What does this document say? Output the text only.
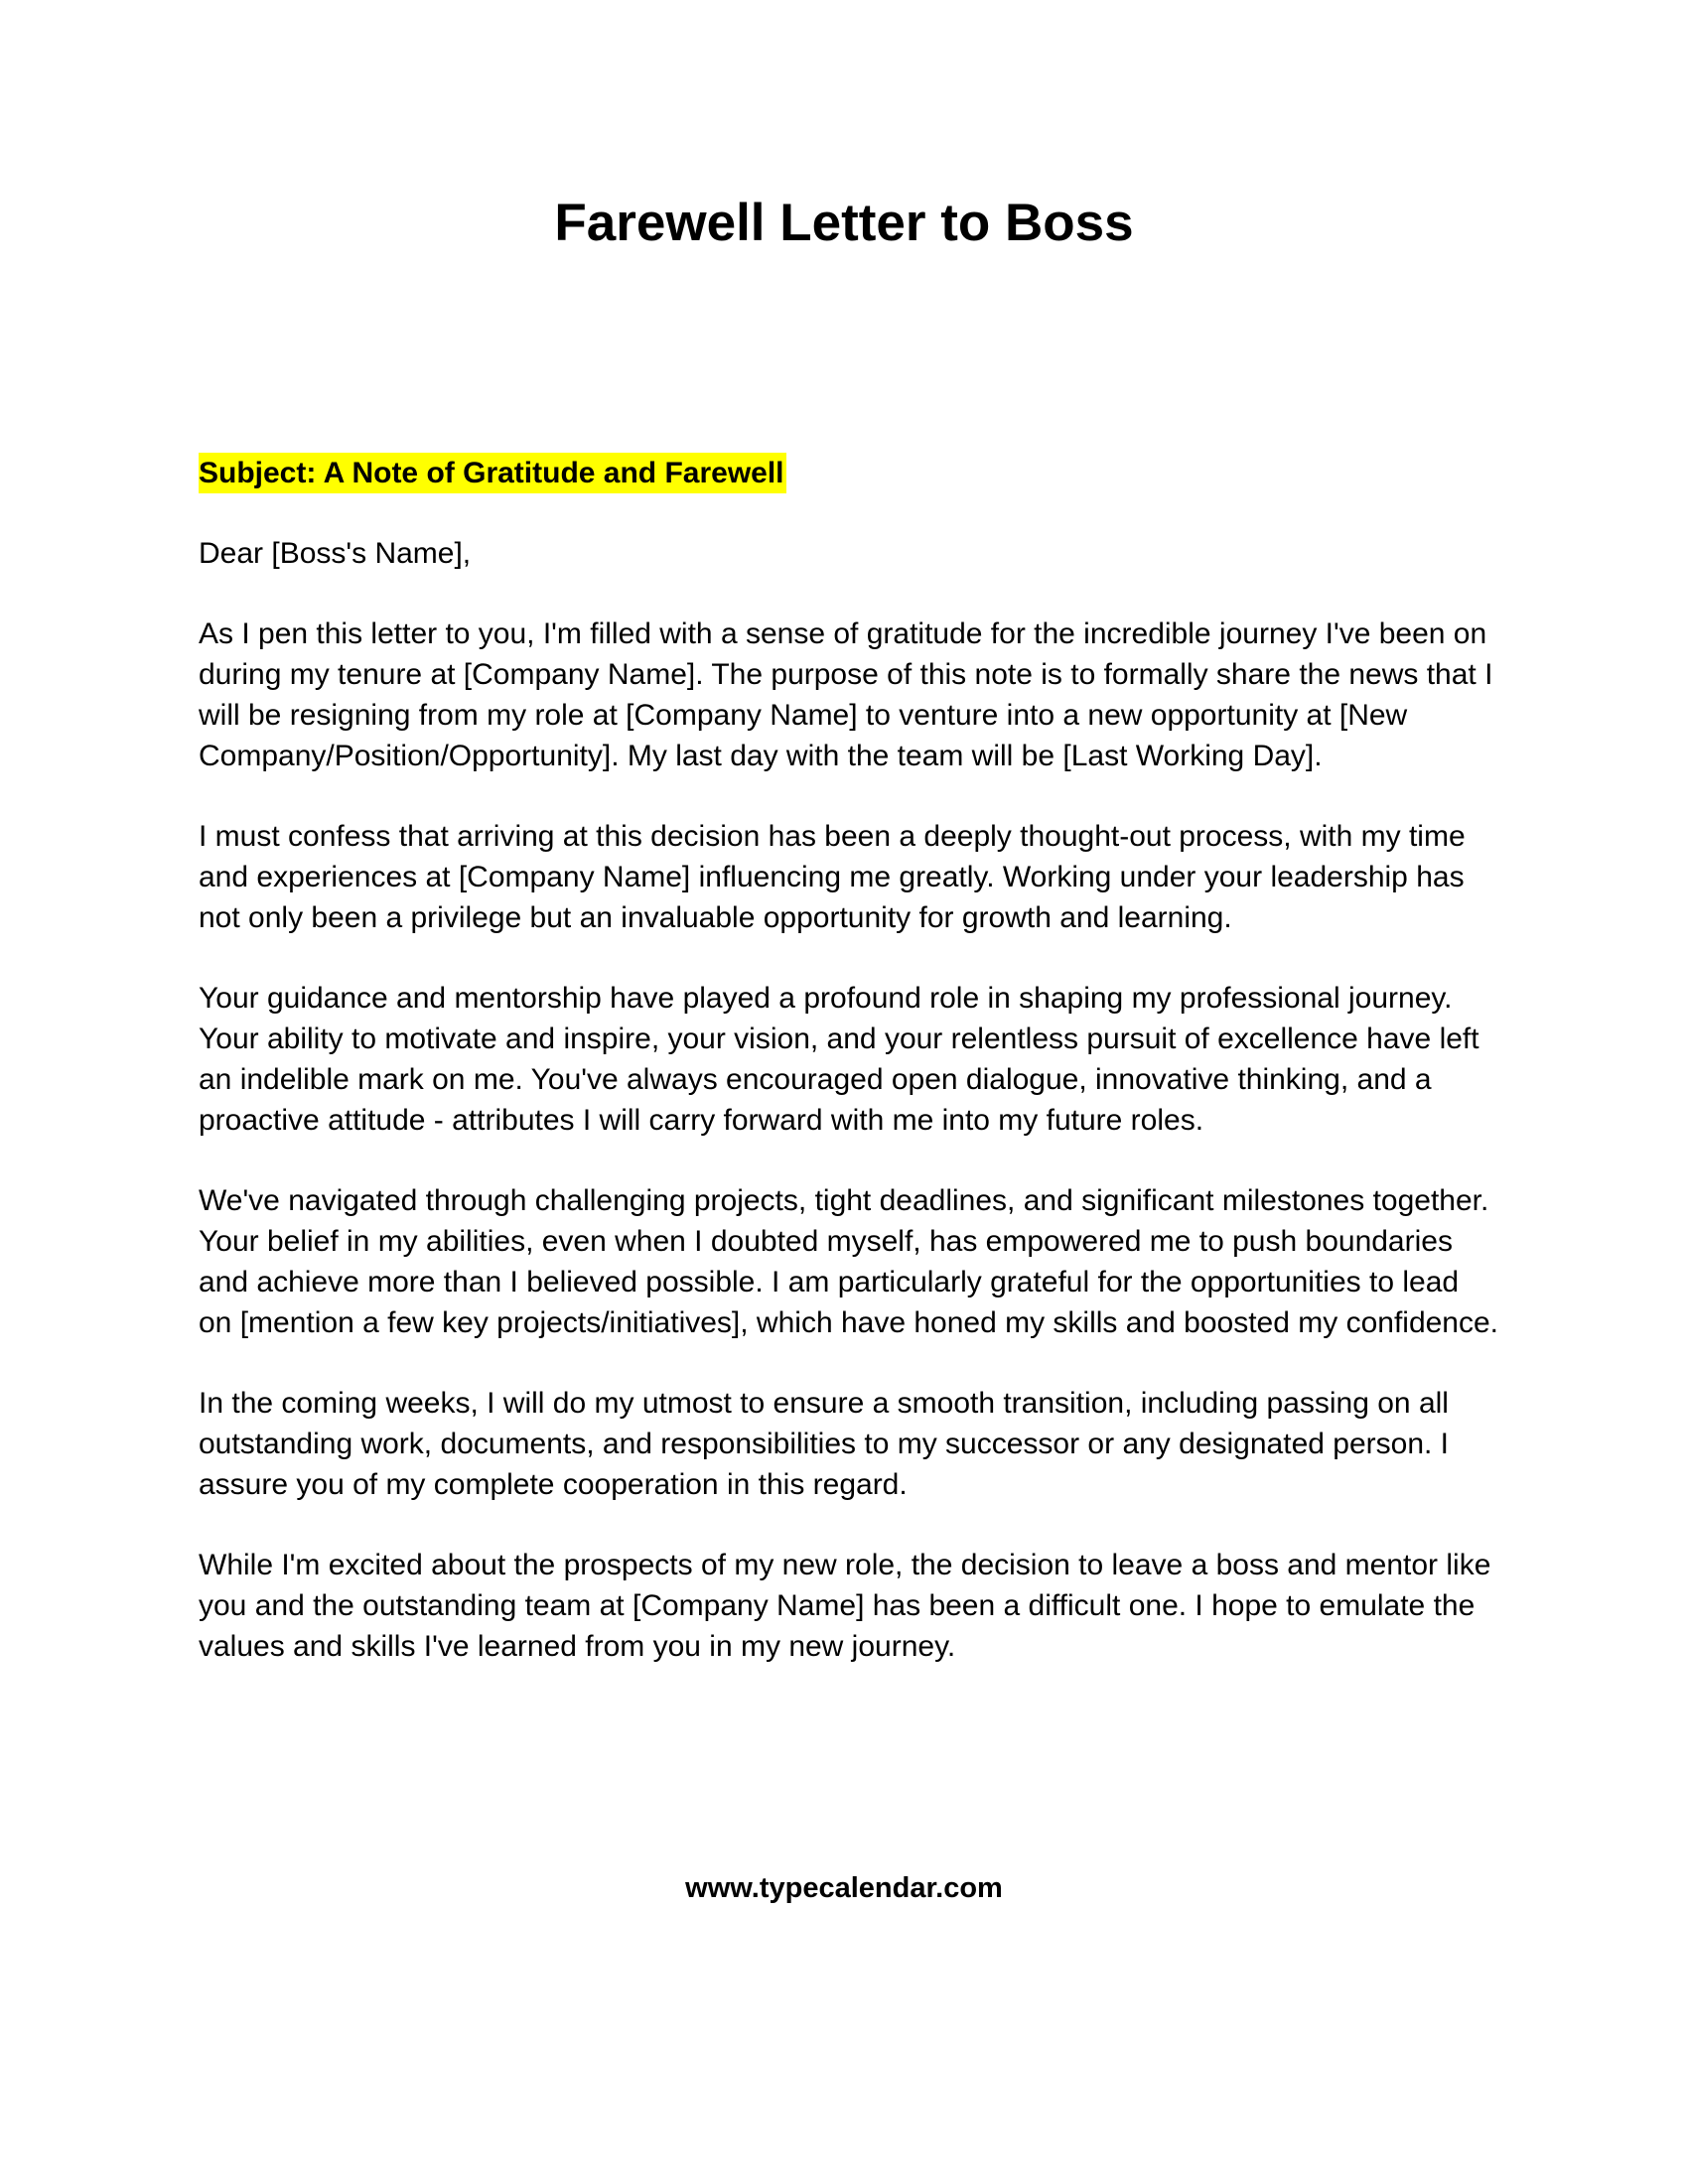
Farewell Letter to Boss
Subject: A Note of Gratitude and Farewell

Dear [Boss's Name],

As I pen this letter to you, I'm filled with a sense of gratitude for the incredible journey I've been on during my tenure at [Company Name]. The purpose of this note is to formally share the news that I will be resigning from my role at [Company Name] to venture into a new opportunity at [New Company/Position/Opportunity]. My last day with the team will be [Last Working Day].

I must confess that arriving at this decision has been a deeply thought-out process, with my time and experiences at [Company Name] influencing me greatly. Working under your leadership has not only been a privilege but an invaluable opportunity for growth and learning.

Your guidance and mentorship have played a profound role in shaping my professional journey. Your ability to motivate and inspire, your vision, and your relentless pursuit of excellence have left an indelible mark on me. You've always encouraged open dialogue, innovative thinking, and a proactive attitude - attributes I will carry forward with me into my future roles.

We've navigated through challenging projects, tight deadlines, and significant milestones together. Your belief in my abilities, even when I doubted myself, has empowered me to push boundaries and achieve more than I believed possible. I am particularly grateful for the opportunities to lead on [mention a few key projects/initiatives], which have honed my skills and boosted my confidence.

In the coming weeks, I will do my utmost to ensure a smooth transition, including passing on all outstanding work, documents, and responsibilities to my successor or any designated person. I assure you of my complete cooperation in this regard.

While I'm excited about the prospects of my new role, the decision to leave a boss and mentor like you and the outstanding team at [Company Name] has been a difficult one. I hope to emulate the values and skills I've learned from you in my new journey.

www.typecalendar.com
